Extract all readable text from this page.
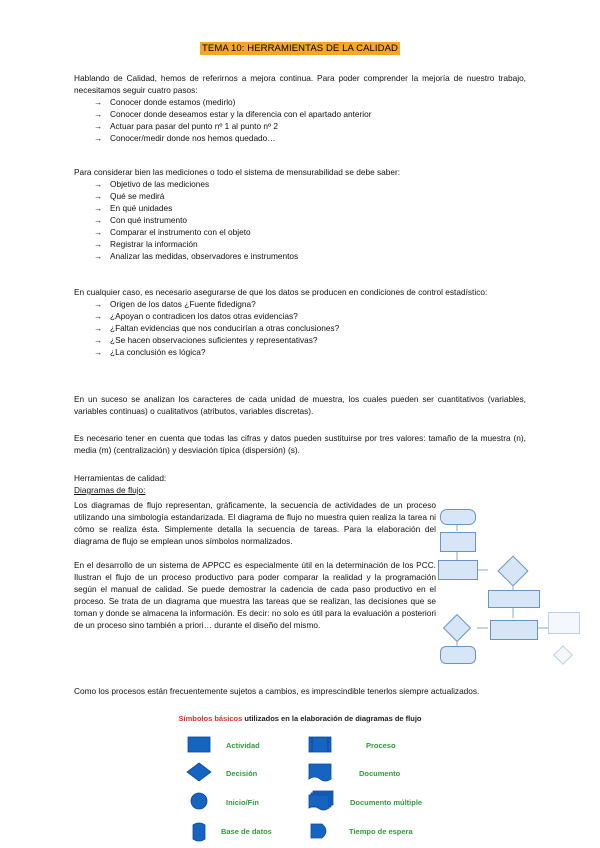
TEMA 10: HERRAMIENTAS DE LA CALIDAD

Hablando de Calidad, hemos de referirnos a mejora continua. Para poder comprender la mejoría de nuestro trabajo, necesitamos seguir cuatro pasos:

→ Conocer donde estamos (medirlo)
→ Conocer donde deseamos estar y la diferencia con el apartado anterior
→ Actuar para pasar del punto nº 1 al punto nº 2
→ Conocer/medir donde nos hemos quedado…

Para considerar bien las mediciones o todo el sistema de mensurabilidad se debe saber:

→ Objetivo de las mediciones
→ Qué se medirá
→ En qué unidades
→ Con qué instrumento
→ Comparar el instrumento con el objeto
→ Registrar la información
→ Analizar las medidas, observadores e instrumentos

En cualquier caso, es necesario asegurarse de que los datos se producen en condiciones de control estadístico:

→ Origen de los datos ¿Fuente fidedigna?
→ ¿Apoyan o contradicen los datos otras evidencias?
→ ¿Faltan evidencias que nos conducirían a otras conclusiones?
→ ¿Se hacen observaciones suficientes y representativas?
→ ¿La conclusión es lógica?

En un suceso se analizan los caracteres de cada unidad de muestra, los cuales pueden ser cuantitativos (variables, variables continuas) o cualitativos (atributos, variables discretas).

Es necesario tener en cuenta que todas las cifras y datos pueden sustituirse por tres valores: tamaño de la muestra (n), media (m) (centralización) y desviación típica (dispersión) (s).

Herramientas de calidad:
Diagramas de flujo:

Los diagramas de flujo representan, gráficamente, la secuencia de actividades de un proceso utilizando una simbología estandarizada. El diagrama de flujo no muestra quien realiza la tarea ni cómo se realiza ésta. Simplemente detalla la secuencia de tareas. Para la elaboración del diagrama de flujo se emplean unos símbolos normalizados.

En el desarrollo de un sistema de APPCC es especialmente útil en la determinación de los PCC. Ilustran el flujo de un proceso productivo para poder comparar la realidad y la programación según el manual de calidad. Se puede demostrar la cadencia de cada paso productivo en el proceso. Se trata de un diagrama que muestra las tareas que se realizan, las decisiones que se toman y donde se almacena la información. Es decir: no solo es útil para la evaluación a posteriori de un proceso sino también a priori… durante el diseño del mismo.

Como los procesos están frecuentemente sujetos a cambios, es imprescindible tenerlos siempre actualizados.

Símbolos básicos utilizados en la elaboración de diagramas de flujo
Actividad	Proceso
Decisión	Documento
Inicio/Fin	Documento múltiple
Base de datos	Tiempo de espera
